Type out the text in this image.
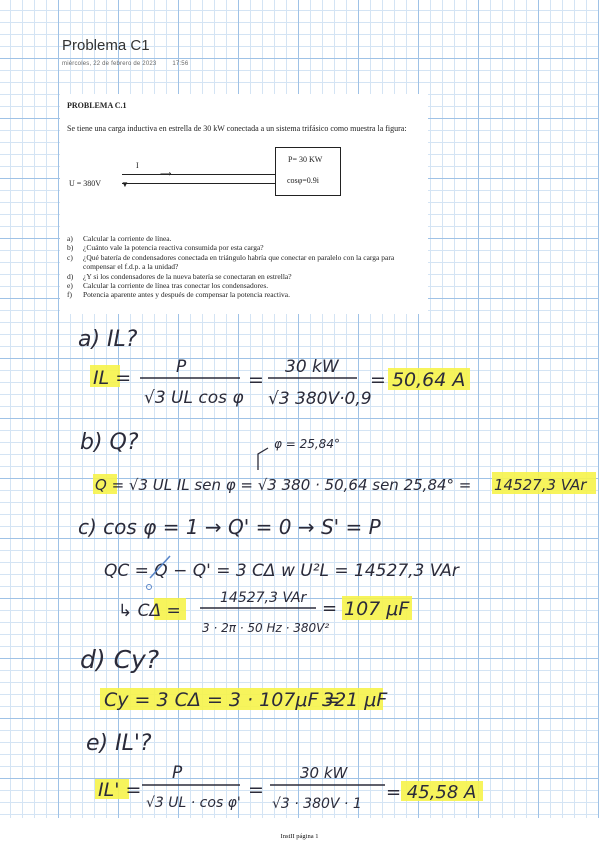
Problema C1
miércoles, 22 de febrero de 2023	17:56
PROBLEMA C.1
Se tiene una carga inductiva en estrella de 30 kW conectada a un sistema trifásico como muestra la figura:
I
⟶
▼
U = 380V
P= 30 KW
cosφ=0.9i
a)	Calcular la corriente de línea.
b)	¿Cuánto vale la potencia reactiva consumida por esta carga?
c)	¿Qué batería de condensadores conectada en triángulo habría que conectar en paralelo con la carga para compensar el f.d.p. a la unidad?
d)	¿Y si los condensadores de la nueva batería se conectaran en estrella?
e)	Calcular la corriente de línea tras conectar los condensadores.
f)	Potencia aparente antes y después de compensar la potencia reactiva.
a) IL?
IL =	P
√3 UL cos φ
=
30 kW
√3 380V·0,9
= 50,64 A
b) Q?	φ = 25,84°
Q = √3 UL IL sen φ = √3 380 · 50,64 sen 25,84° = 14527,3 VAr
c) cos φ = 1 → Q' = 0 → S' = P
QC = Q − Q' = 3 CΔ w U²L = 14527,3 VAr
↳ CΔ =
14527,3 VAr
3 · 2π · 50 Hz · 380V²
= 107 μF
d) Cy?
Cy = 3 CΔ = 3 · 107μF =
321 μF
e) IL'?
IL' =
P
√3 UL · cos φ'
=
30 kW
√3 · 380V · 1
= 45,58 A
InstII página 1
